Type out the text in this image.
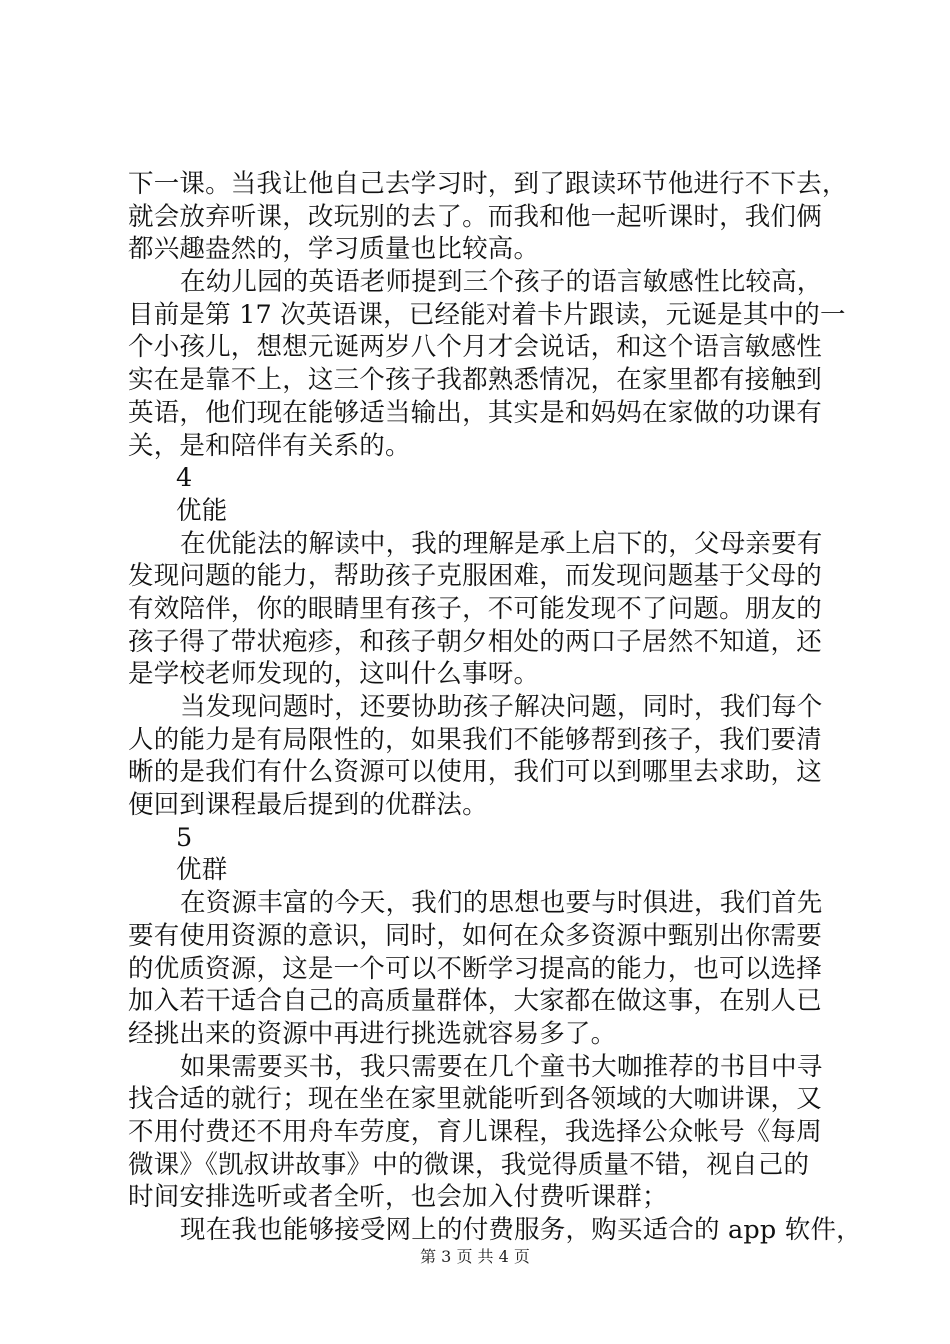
下一课。当我让他自己去学习时，到了跟读环节他进行不下去，
就会放弃听课，改玩别的去了。而我和他一起听课时，我们俩
都兴趣盎然的，学习质量也比较高。
在幼儿园的英语老师提到三个孩子的语言敏感性比较高，
目前是第 17 次英语课，已经能对着卡片跟读，元诞是其中的一
个小孩儿，想想元诞两岁八个月才会说话，和这个语言敏感性
实在是靠不上，这三个孩子我都熟悉情况，在家里都有接触到
英语，他们现在能够适当输出，其实是和妈妈在家做的功课有
关，是和陪伴有关系的。
4
优能
在优能法的解读中，我的理解是承上启下的，父母亲要有
发现问题的能力，帮助孩子克服困难，而发现问题基于父母的
有效陪伴，你的眼睛里有孩子，不可能发现不了问题。朋友的
孩子得了带状疱疹，和孩子朝夕相处的两口子居然不知道，还
是学校老师发现的，这叫什么事呀。
当发现问题时，还要协助孩子解决问题，同时，我们每个
人的能力是有局限性的，如果我们不能够帮到孩子，我们要清
晰的是我们有什么资源可以使用，我们可以到哪里去求助，这
便回到课程最后提到的优群法。
5
优群
在资源丰富的今天，我们的思想也要与时俱进，我们首先
要有使用资源的意识，同时，如何在众多资源中甄别出你需要
的优质资源，这是一个可以不断学习提高的能力，也可以选择
加入若干适合自己的高质量群体，大家都在做这事，在别人已
经挑出来的资源中再进行挑选就容易多了。
如果需要买书，我只需要在几个童书大咖推荐的书目中寻
找合适的就行；现在坐在家里就能听到各领域的大咖讲课，又
不用付费还不用舟车劳度，育儿课程，我选择公众帐号《每周
微课》《凯叔讲故事》中的微课，我觉得质量不错，视自己的
时间安排选听或者全听，也会加入付费听课群；
现在我也能够接受网上的付费服务，购买适合的 app 软件，
第 3 页 共 4 页
